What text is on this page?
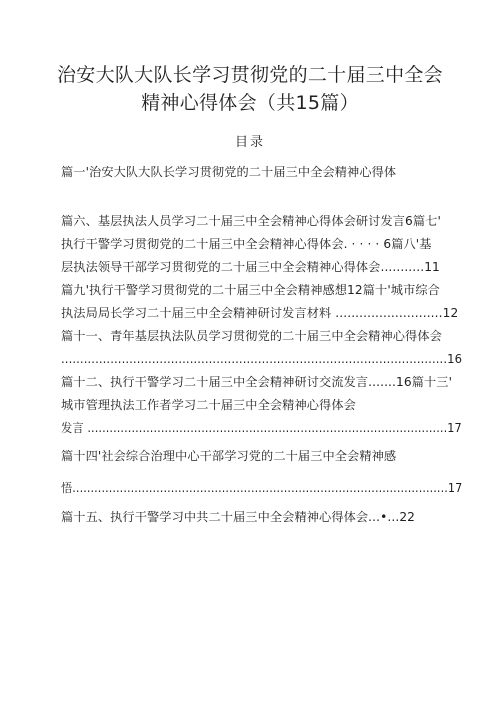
治安大队大队长学习贯彻党的二十届三中全会
精神心得体会（共15篇）
目录
篇一'治安大队大队长学习贯彻党的二十届三中全会精神心得体
篇六、基层执法人员学习二十届三中全会精神心得体会研讨发言6篇七'
执行干警学习贯彻党的二十届三中全会精神心得体会. · · · · 6篇八'基
层执法领导干部学习贯彻党的二十届三中全会精神心得体会...........11
篇九'执行干警学习贯彻党的二十届三中全会精神感想12篇十'城市综合
执法局局长学习二十届三中全会精神研讨发言材料 ...........................12
篇十一、青年基层执法队员学习贯彻党的二十届三中全会精神心得体会
......................................................................................................16
篇十二、执行干警学习二十届三中全会精神研讨交流发言.......16篇十三'
城市管理执法工作者学习二十届三中全会精神心得体会
发言 ..................................................................................................17
篇十四'社会综合治理中心干部学习党的二十届三中全会精神感
悟.......................................................................................................17
篇十五、执行干警学习中共二十届三中全会精神心得体会...•...22
